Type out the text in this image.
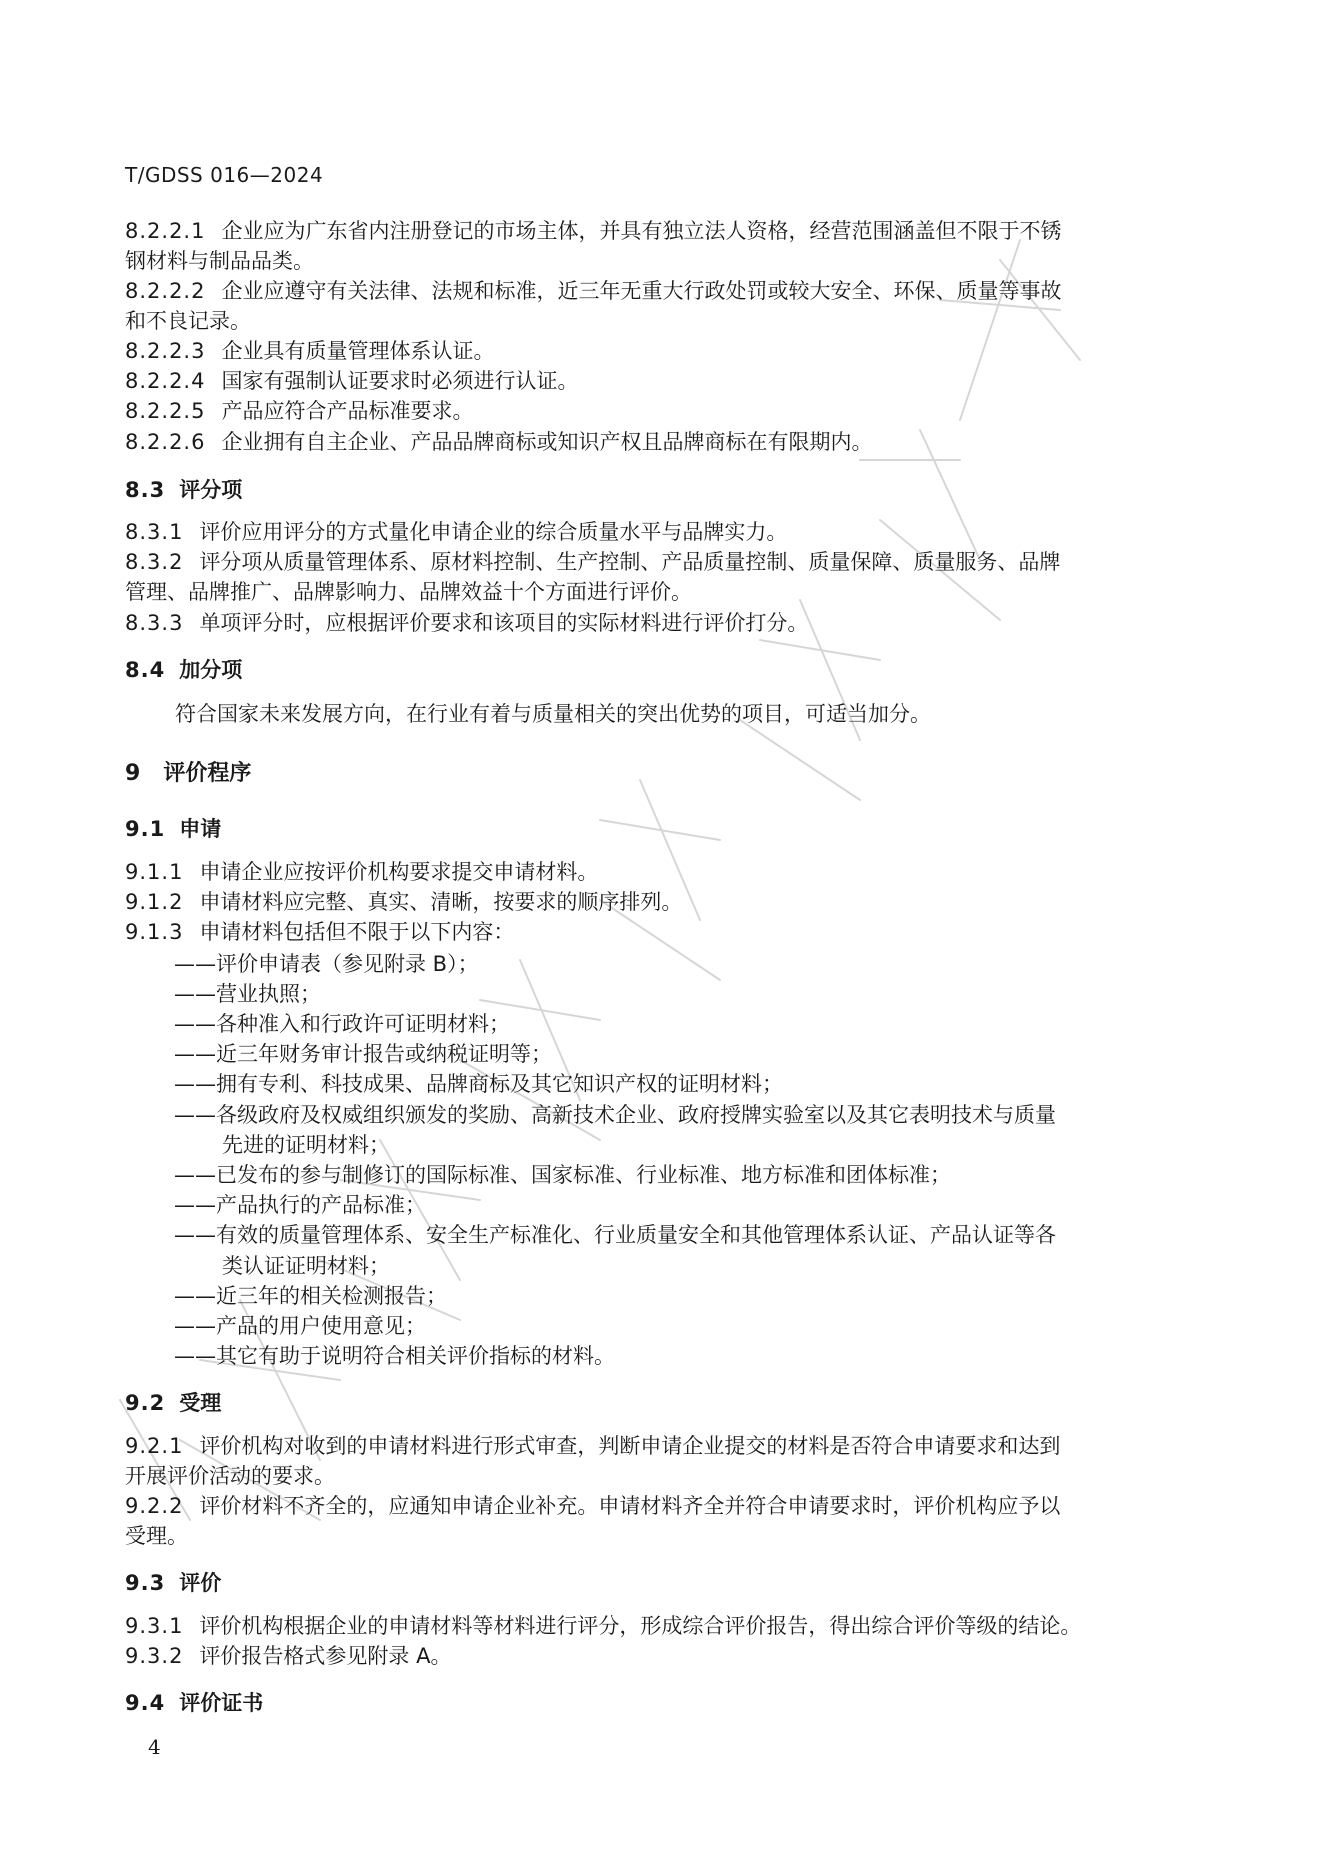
T/GDSS 016—2024
8.2.2.1 企业应为广东省内注册登记的市场主体，并具有独立法人资格，经营范围涵盖但不限于不锈
钢材料与制品品类。
8.2.2.2 企业应遵守有关法律、法规和标准，近三年无重大行政处罚或较大安全、环保、质量等事故
和不良记录。
8.2.2.3 企业具有质量管理体系认证。
8.2.2.4 国家有强制认证要求时必须进行认证。
8.2.2.5 产品应符合产品标准要求。
8.2.2.6 企业拥有自主企业、产品品牌商标或知识产权且品牌商标在有限期内。
8.3 评分项
8.3.1 评价应用评分的方式量化申请企业的综合质量水平与品牌实力。
8.3.2 评分项从质量管理体系、原材料控制、生产控制、产品质量控制、质量保障、质量服务、品牌
管理、品牌推广、品牌影响力、品牌效益十个方面进行评价。
8.3.3 单项评分时，应根据评价要求和该项目的实际材料进行评价打分。
8.4 加分项
符合国家未来发展方向，在行业有着与质量相关的突出优势的项目，可适当加分。
9 评价程序
9.1 申请
9.1.1 申请企业应按评价机构要求提交申请材料。
9.1.2 申请材料应完整、真实、清晰，按要求的顺序排列。
9.1.3 申请材料包括但不限于以下内容：
——评价申请表（参见附录 B）；
——营业执照；
——各种准入和行政许可证明材料；
——近三年财务审计报告或纳税证明等；
——拥有专利、科技成果、品牌商标及其它知识产权的证明材料；
——各级政府及权威组织颁发的奖励、高新技术企业、政府授牌实验室以及其它表明技术与质量
先进的证明材料；
——已发布的参与制修订的国际标准、国家标准、行业标准、地方标准和团体标准；
——产品执行的产品标准；
——有效的质量管理体系、安全生产标准化、行业质量安全和其他管理体系认证、产品认证等各
类认证证明材料；
——近三年的相关检测报告；
——产品的用户使用意见；
——其它有助于说明符合相关评价指标的材料。
9.2 受理
9.2.1 评价机构对收到的申请材料进行形式审查，判断申请企业提交的材料是否符合申请要求和达到
开展评价活动的要求。
9.2.2 评价材料不齐全的，应通知申请企业补充。申请材料齐全并符合申请要求时，评价机构应予以
受理。
9.3 评价
9.3.1 评价机构根据企业的申请材料等材料进行评分，形成综合评价报告，得出综合评价等级的结论。
9.3.2 评价报告格式参见附录 A。
9.4 评价证书
4
